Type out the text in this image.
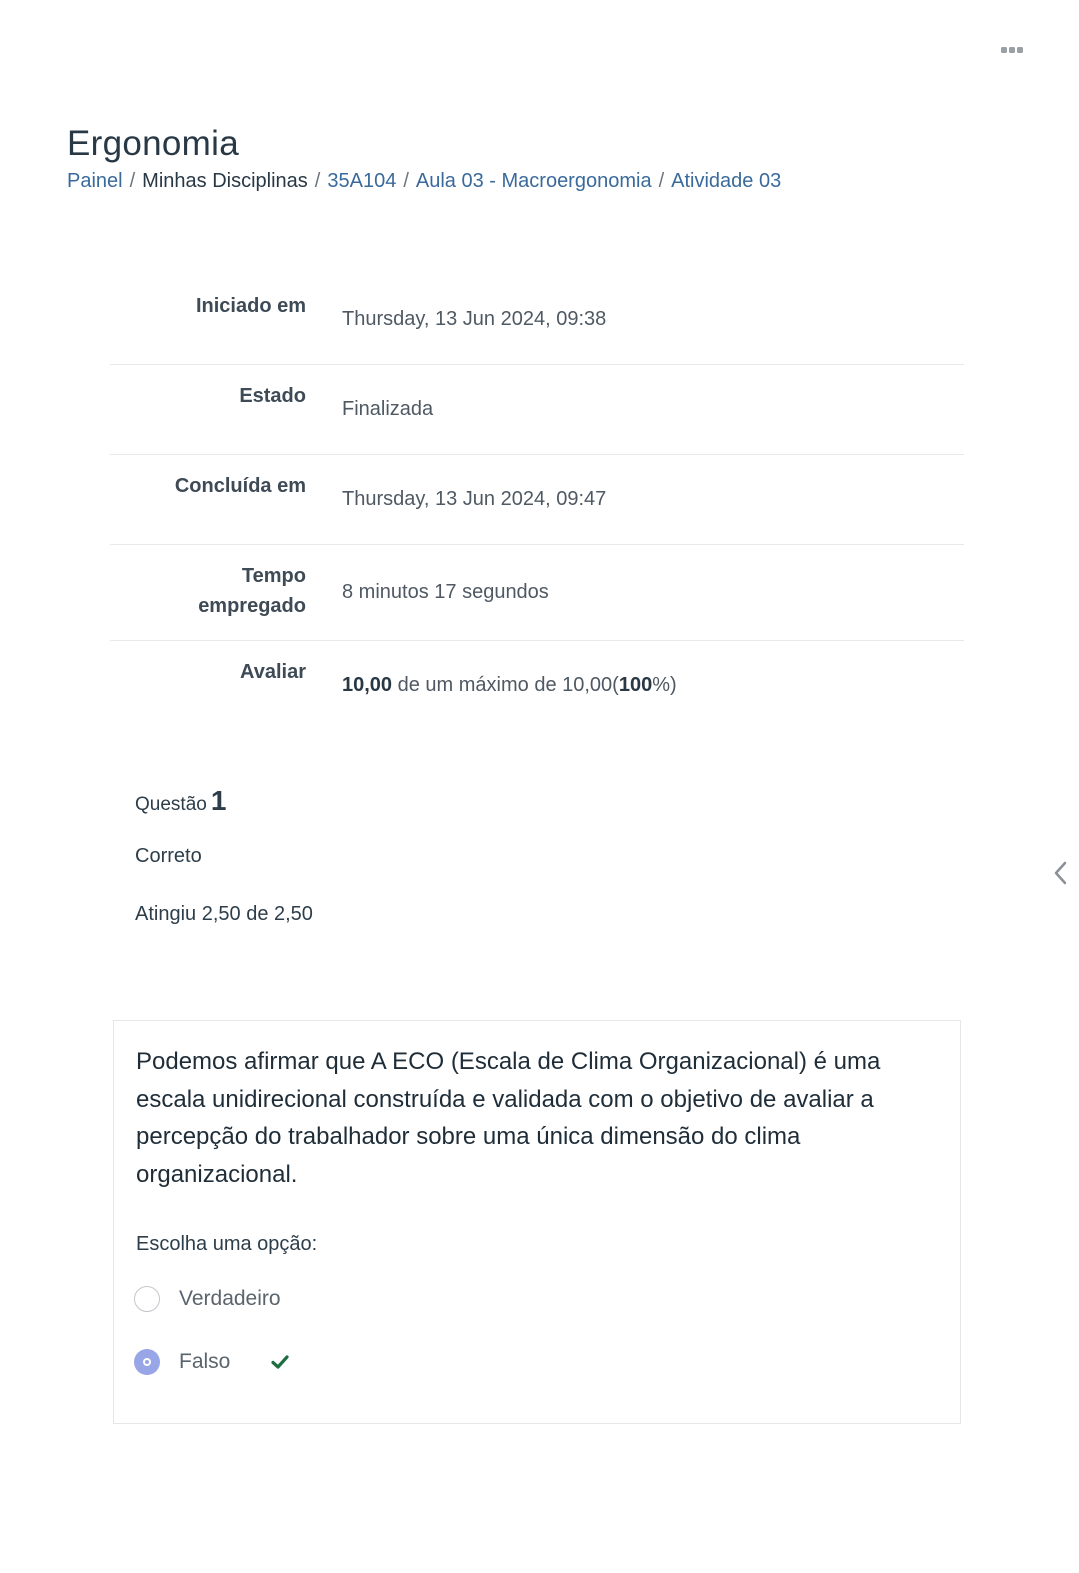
Ergonomia
Painel / Minhas Disciplinas / 35A104 / Aula 03 - Macroergonomia / Atividade 03
Iniciado em
Thursday, 13 Jun 2024, 09:38
Estado
Finalizada
Concluída em
Thursday, 13 Jun 2024, 09:47
Tempo
empregado
8 minutos 17 segundos
Avaliar
10,00 de um máximo de 10,00(100%)
Questão 1
Correto
Atingiu 2,50 de 2,50

Podemos afirmar que A ECO (Escala de Clima Organizacional) é uma escala unidirecional construída e validada com o objetivo de avaliar a percepção do trabalhador sobre uma única dimensão do clima organizacional.

Escolha uma opção:
Verdadeiro
Falso
